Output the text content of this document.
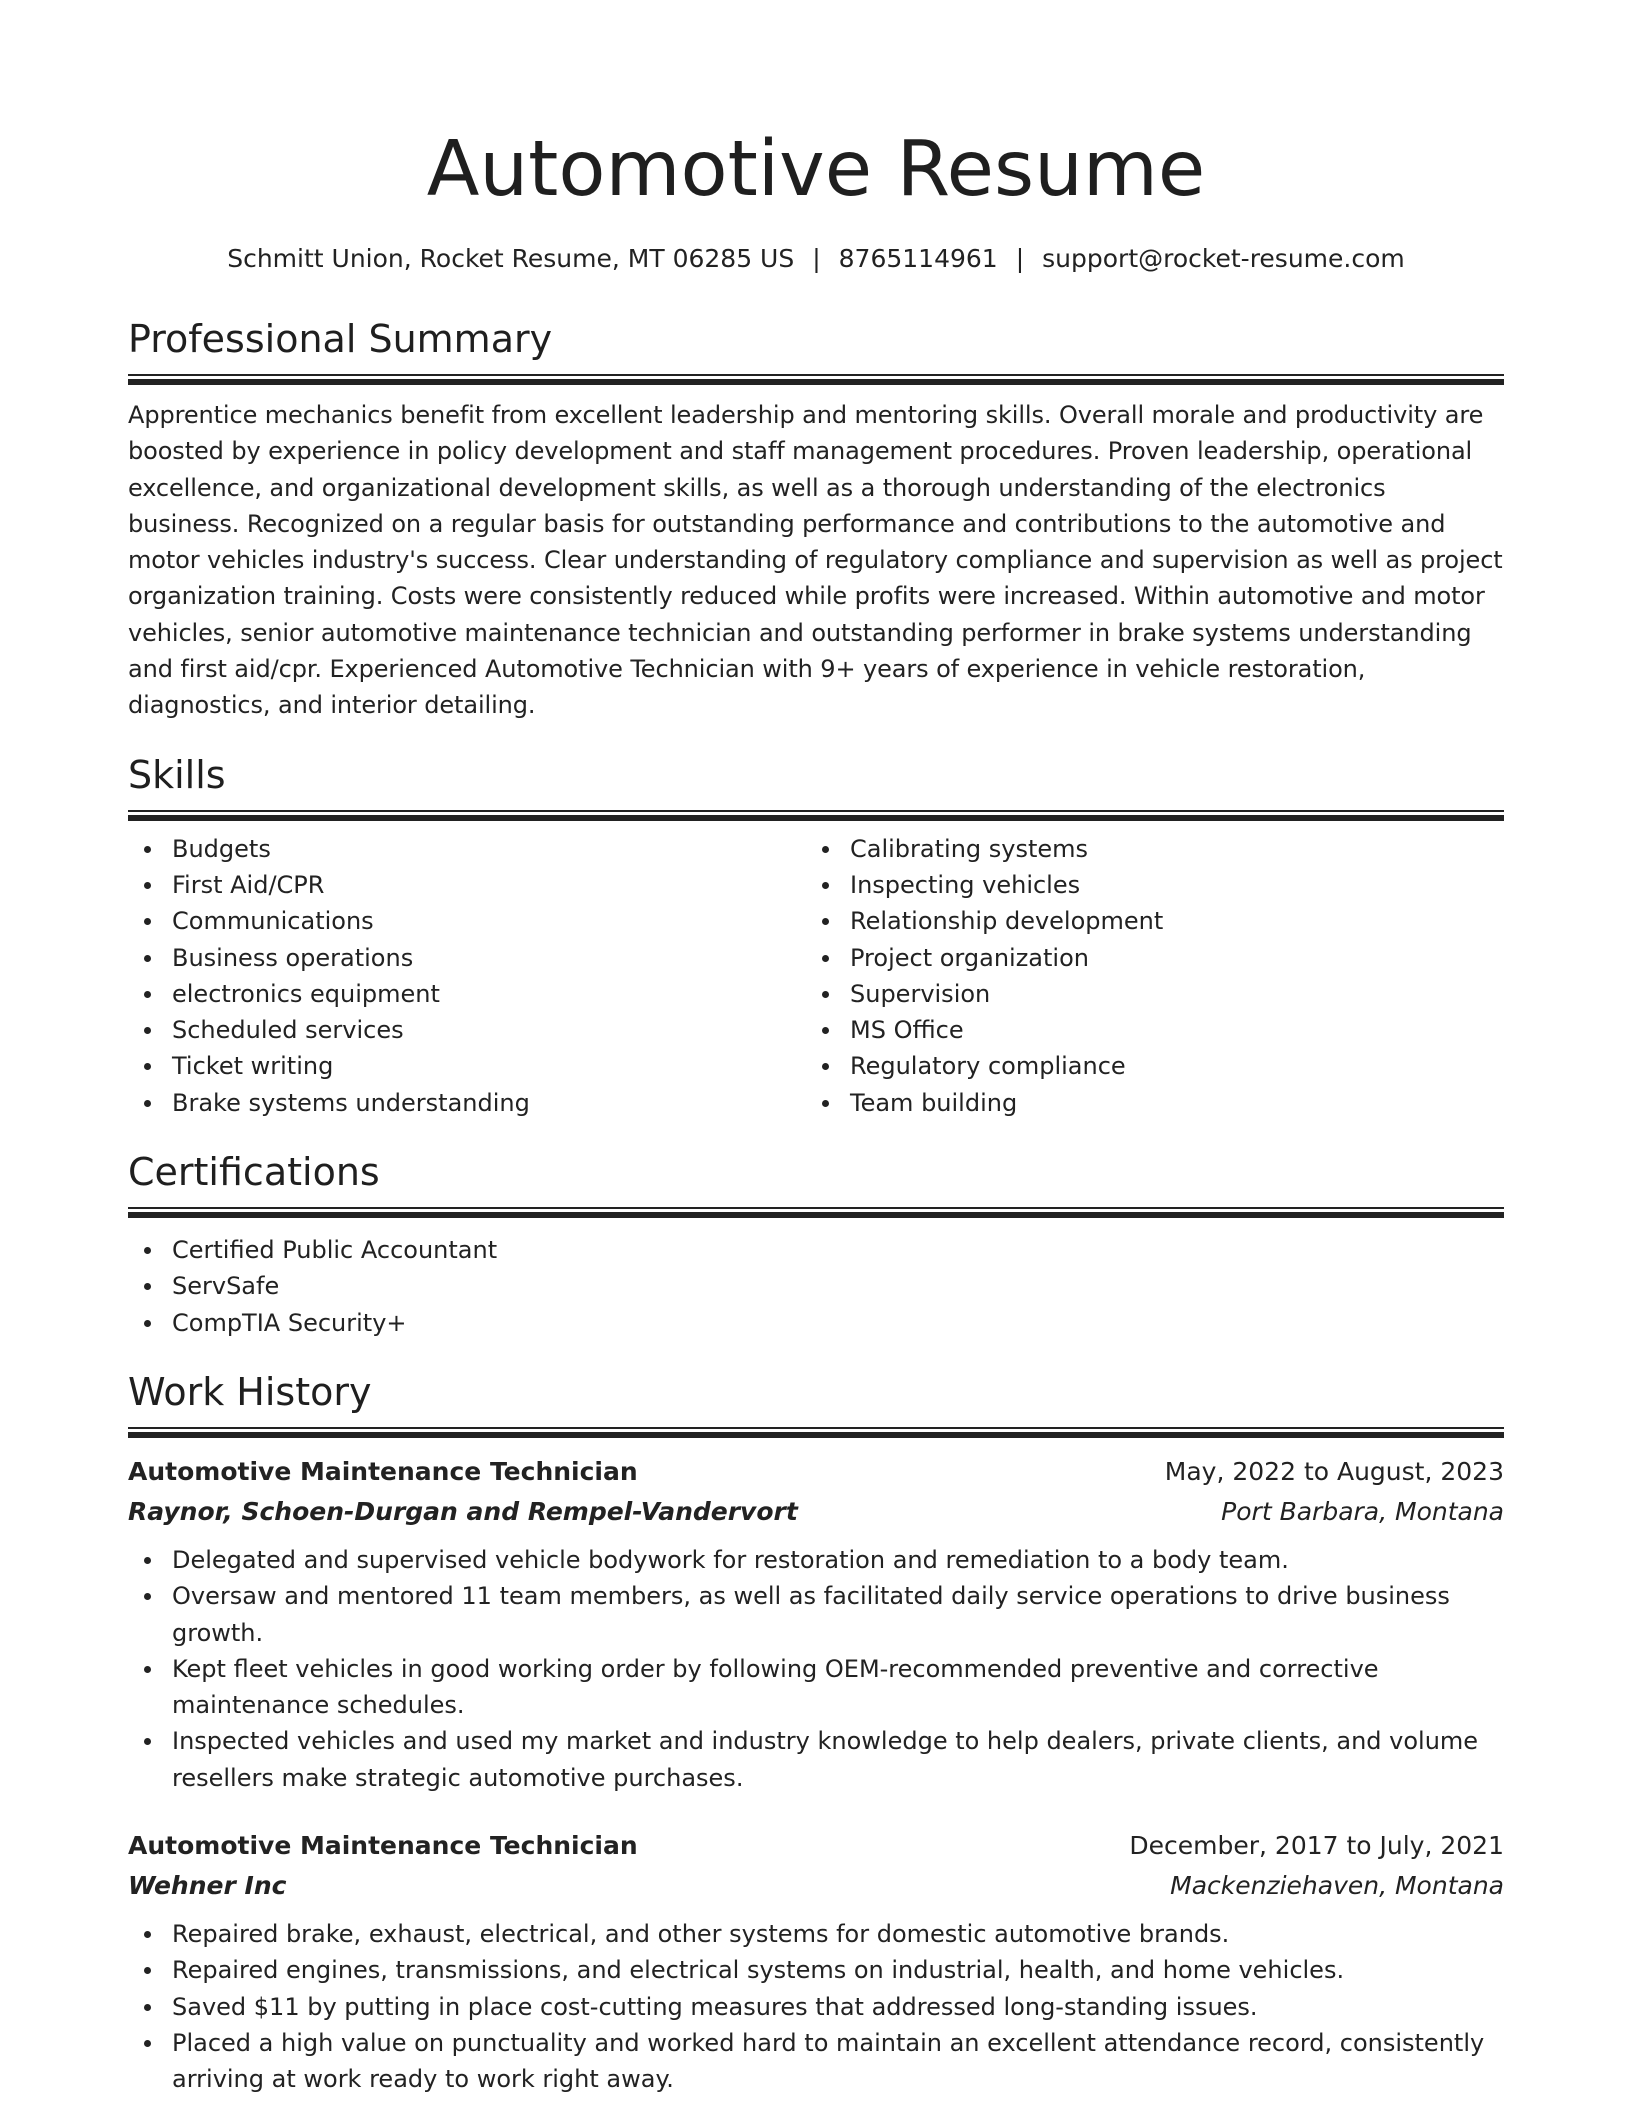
Automotive Resume
Schmitt Union, Rocket Resume, MT 06285 US | 8765114961 | support@rocket-resume.com
Professional Summary

Apprentice mechanics benefit from excellent leadership and mentoring skills. Overall morale and productivity are boosted by experience in policy development and staff management procedures. Proven leadership, operational excellence, and organizational development skills, as well as a thorough understanding of the electronics business. Recognized on a regular basis for outstanding performance and contributions to the automotive and motor vehicles industry's success. Clear understanding of regulatory compliance and supervision as well as project organization training. Costs were consistently reduced while profits were increased. Within automotive and motor vehicles, senior automotive maintenance technician and outstanding performer in brake systems understanding and first aid/cpr. Experienced Automotive Technician with 9+ years of experience in vehicle restoration, diagnostics, and interior detailing.

Skills
Budgets
First Aid/CPR
Communications
Business operations
electronics equipment
Scheduled services
Ticket writing
Brake systems understanding
Calibrating systems
Inspecting vehicles
Relationship development
Project organization
Supervision
MS Office
Regulatory compliance
Team building
Certifications
Certified Public Accountant
ServSafe
CompTIA Security+
Work History
Automotive Maintenance Technician	May, 2022 to August, 2023
Raynor, Schoen-Durgan and Rempel-Vandervort	Port Barbara, Montana
Delegated and supervised vehicle bodywork for restoration and remediation to a body team.
Oversaw and mentored 11 team members, as well as facilitated daily service operations to drive business growth.
Kept fleet vehicles in good working order by following OEM-recommended preventive and corrective maintenance schedules.
Inspected vehicles and used my market and industry knowledge to help dealers, private clients, and volume resellers make strategic automotive purchases.
Automotive Maintenance Technician	December, 2017 to July, 2021
Wehner Inc	Mackenziehaven, Montana
Repaired brake, exhaust, electrical, and other systems for domestic automotive brands.
Repaired engines, transmissions, and electrical systems on industrial, health, and home vehicles.
Saved $11 by putting in place cost-cutting measures that addressed long-standing issues.
Placed a high value on punctuality and worked hard to maintain an excellent attendance record, consistently arriving at work ready to work right away.
